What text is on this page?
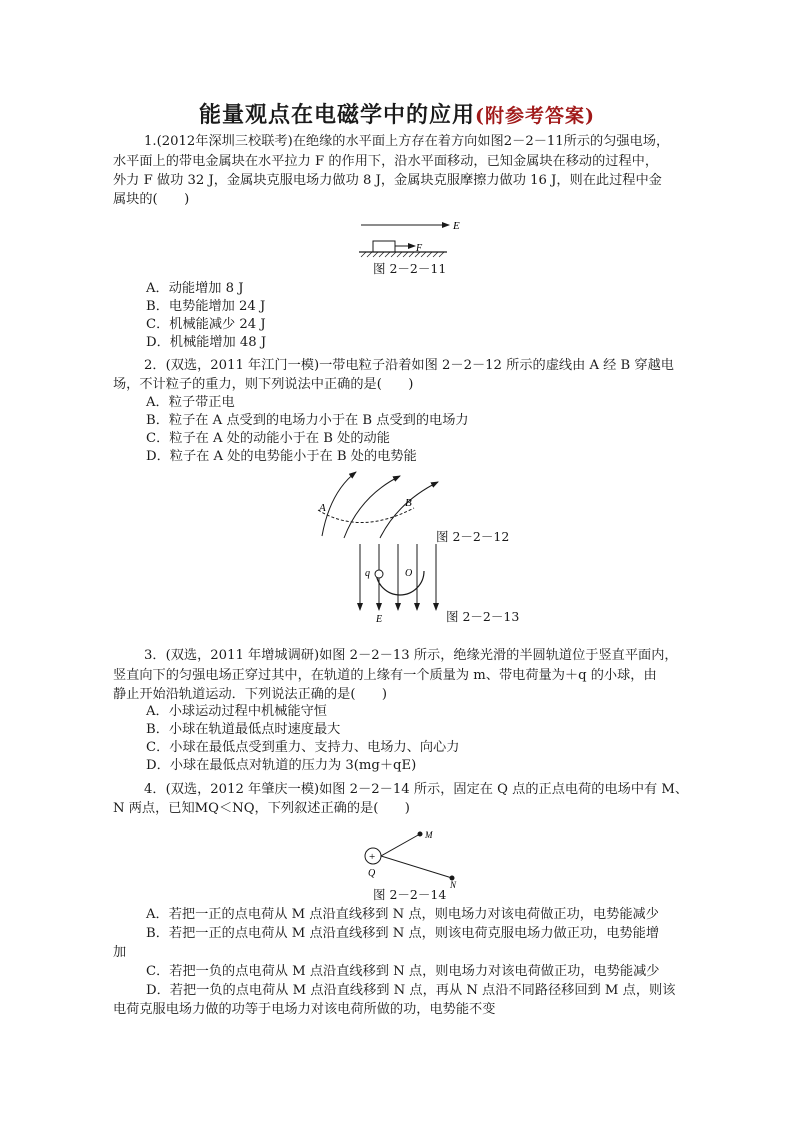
能量观点在电磁学中的应用(附参考答案)

1.(2012年深圳三校联考)在绝缘的水平面上方存在着方向如图2－2－11所示的匀强电场，

水平面上的带电金属块在水平拉力 F 的作用下，沿水平面移动，已知金属块在移动的过程中，

外力 F 做功 32 J，金属块克服电场力做功 8 J，金属块克服摩擦力做功 16 J，则在此过程中金

属块的(　　)

E
F

图 2－2－11

A．动能增加 8 J

B．电势能增加 24 J

C．机械能减少 24 J

D．机械能增加 48 J

2．(双选，2011 年江门一模)一带电粒子沿着如图 2－2－12 所示的虚线由 A 经 B 穿越电

场，不计粒子的重力，则下列说法中正确的是(　　)

A．粒子带正电

B．粒子在 A 点受到的电场力小于在 B 点受到的电场力

C．粒子在 A 处的动能小于在 B 处的动能

D．粒子在 A 处的电势能小于在 B 处的电势能

A	B

图 2－2－12

q	O
E	图 2－2－13

3．(双选，2011 年增城调研)如图 2－2－13 所示，绝缘光滑的半圆轨道位于竖直平面内，

竖直向下的匀强电场正穿过其中，在轨道的上缘有一个质量为 m、带电荷量为＋q 的小球，由

静止开始沿轨道运动．下列说法正确的是(　　)

A．小球运动过程中机械能守恒

B．小球在轨道最低点时速度最大

C．小球在最低点受到重力、支持力、电场力、向心力

D．小球在最低点对轨道的压力为 3(mg＋qE)

4．(双选，2012 年肇庆一模)如图 2－2－14 所示，固定在 Q 点的正点电荷的电场中有 M、

N 两点，已知MQ＜NQ，下列叙述正确的是(　　)

+
Q
M
N

图 2－2－14

A．若把一正的点电荷从 M 点沿直线移到 N 点，则电场力对该电荷做正功，电势能减少

B．若把一正的点电荷从 M 点沿直线移到 N 点，则该电荷克服电场力做正功，电势能增

加

C．若把一负的点电荷从 M 点沿直线移到 N 点，则电场力对该电荷做正功，电势能减少

D．若把一负的点电荷从 M 点沿直线移到 N 点，再从 N 点沿不同路径移回到 M 点，则该

电荷克服电场力做的功等于电场力对该电荷所做的功，电势能不变
